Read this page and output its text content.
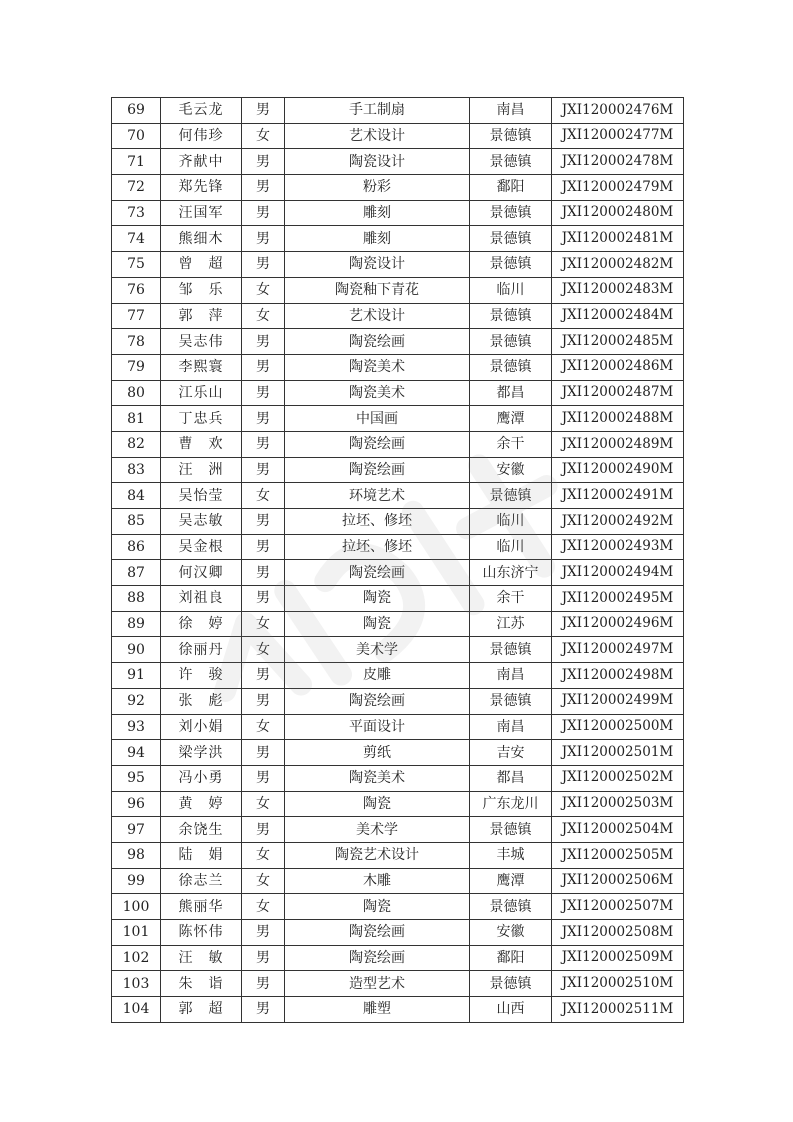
69	毛云龙	男	手工制扇	南昌	JXI120002476M
70	何伟珍	女	艺术设计	景德镇	JXI120002477M
71	齐献中	男	陶瓷设计	景德镇	JXI120002478M
72	郑先锋	男	粉彩	鄱阳	JXI120002479M
73	汪国军	男	雕刻	景德镇	JXI120002480M
74	熊细木	男	雕刻	景德镇	JXI120002481M
75	曾　超	男	陶瓷设计	景德镇	JXI120002482M
76	邹　乐	女	陶瓷釉下青花	临川	JXI120002483M
77	郭　萍	女	艺术设计	景德镇	JXI120002484M
78	吴志伟	男	陶瓷绘画	景德镇	JXI120002485M
79	李熙寰	男	陶瓷美术	景德镇	JXI120002486M
80	江乐山	男	陶瓷美术	都昌	JXI120002487M
81	丁忠兵	男	中国画	鹰潭	JXI120002488M
82	曹　欢	男	陶瓷绘画	余干	JXI120002489M
83	汪　洲	男	陶瓷绘画	安徽	JXI120002490M
84	吴怡莹	女	环境艺术	景德镇	JXI120002491M
85	吴志敏	男	拉坯、修坯	临川	JXI120002492M
86	吴金根	男	拉坯、修坯	临川	JXI120002493M
87	何汉卿	男	陶瓷绘画	山东济宁	JXI120002494M
88	刘祖良	男	陶瓷	余干	JXI120002495M
89	徐　婷	女	陶瓷	江苏	JXI120002496M
90	徐丽丹	女	美术学	景德镇	JXI120002497M
91	许　骏	男	皮雕	南昌	JXI120002498M
92	张　彪	男	陶瓷绘画	景德镇	JXI120002499M
93	刘小娟	女	平面设计	南昌	JXI120002500M
94	梁学洪	男	剪纸	吉安	JXI120002501M
95	冯小勇	男	陶瓷美术	都昌	JXI120002502M
96	黄　婷	女	陶瓷	广东龙川	JXI120002503M
97	余饶生	男	美术学	景德镇	JXI120002504M
98	陆　娟	女	陶瓷艺术设计	丰城	JXI120002505M
99	徐志兰	女	木雕	鹰潭	JXI120002506M
100	熊丽华	女	陶瓷	景德镇	JXI120002507M
101	陈怀伟	男	陶瓷绘画	安徽	JXI120002508M
102	汪　敏	男	陶瓷绘画	鄱阳	JXI120002509M
103	朱　诣	男	造型艺术	景德镇	JXI120002510M
104	郭　超	男	雕塑	山西	JXI120002511M
